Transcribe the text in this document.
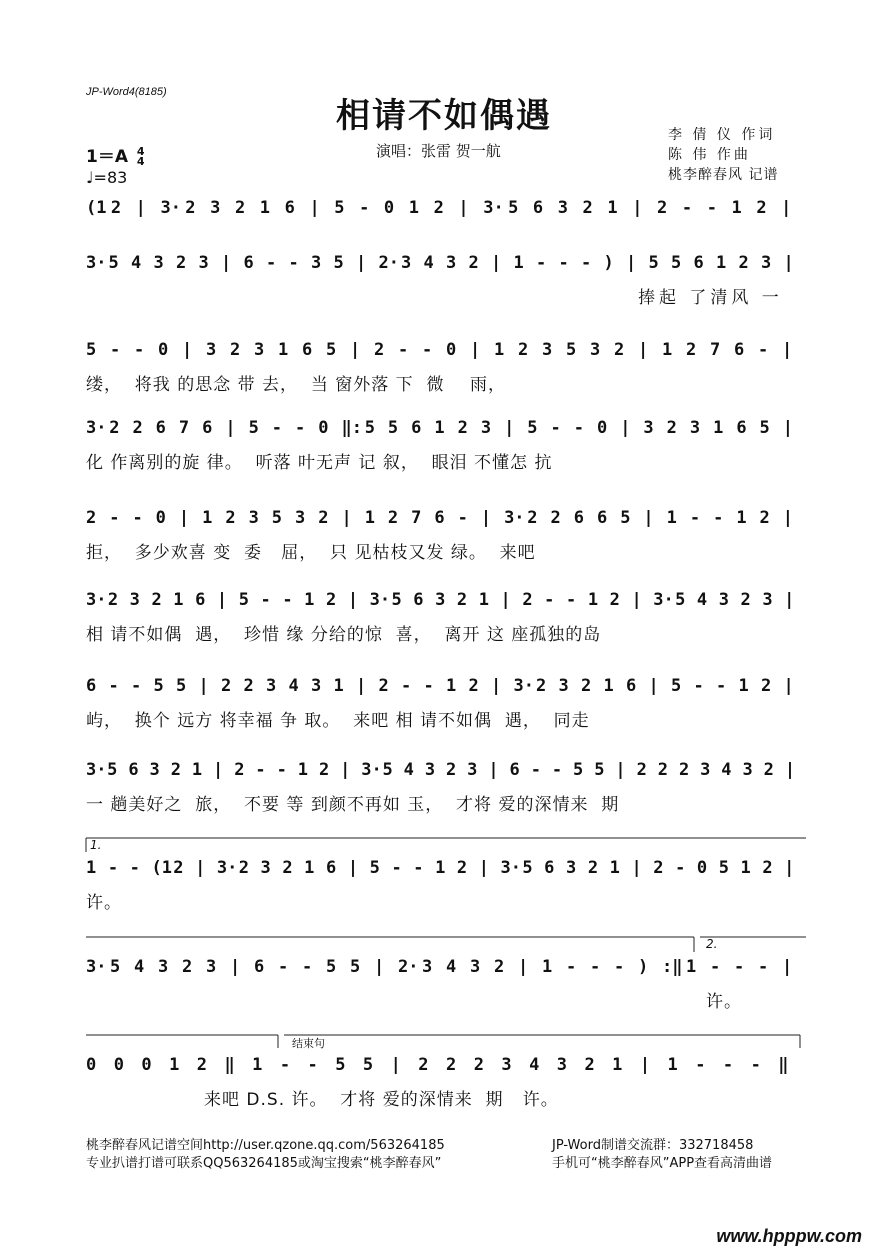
JP-Word4(8185)
相请不如偶遇
演唱：张雷 贺一航
李 倩 仪 作词
陈 伟 作曲
桃李醉春风 记谱
1＝A 4
4
♩=83
(1 2 | 3· 2 3 2 1 6 | 5 - 0 1 2 | 3· 5 6 3 2 1 | 2 - - 1 2 |
3· 5 4 3 2 3 | 6 - - 3 5 | 2· 3 4 3 2 | 1 - - - ) | 5 5 6 1 2 3 |
捧起 了清风 一
5 - - 0 | 3 2 3 1 6 5 | 2 - - 0 | 1 2 3 5 3 2 | 1 2 7 6 - |
缕，  将我 的思念 带 去，  当 窗外落 下  微    雨，
3· 2 2 6 7 6 | 5 - - 0 ‖: 5 5 6 1 2 3 | 5 - - 0 | 3 2 3 1 6 5 |
化 作离别的旋 律。  听落 叶无声 记 叙，  眼泪 不懂怎 抗
2 - - 0 | 1 2 3 5 3 2 | 1 2 7 6 - | 3· 2 2 6 6 5 | 1 - - 1 2 |
拒，  多少欢喜 变  委   屈，  只 见枯枝又发 绿。  来吧
3· 2 3 2 1 6 | 5 - - 1 2 | 3· 5 6 3 2 1 | 2 - - 1 2 | 3· 5 4 3 2 3 |
相 请不如偶  遇，  珍惜 缘 分给的惊  喜，  离开 这 座孤独的岛
6 - - 5 5 | 2 2 3 4 3 1 | 2 - - 1 2 | 3· 2 3 2 1 6 | 5 - - 1 2 |
屿，  换个 远方 将幸福 争 取。  来吧 相 请不如偶  遇，  同走
3· 5 6 3 2 1 | 2 - - 1 2 | 3· 5 4 3 2 3 | 6 - - 5 5 | 2 2 2 3 4 3 2 |
一 趟美好之  旅，  不要 等 到颜不再如 玉，  才将 爱的深情来  期
1 - - (1 2 | 3· 2 3 2 1 6 | 5 - - 1 2 | 3· 5 6 3 2 1 | 2 - 0 5 1 2 |
1.
许。
3· 5 4 3 2 3 | 6 - - 5 5 | 2· 3 4 3 2 | 1 - - - ) :‖ 1 - - - |
2.
许。
0 0 0 1 2 ‖ 1 - - 5 5 | 2 2 2 3 4 3 2 1 | 1 - - - ‖
结束句
来吧 D.S. 许。  才将 爱的深情来  期   许。
桃李醉春风记谱空间http://user.qzone.qq.com/563264185
专业扒谱打谱可联系QQ563264185或淘宝搜索“桃李醉春风”
JP-Word制谱交流群：332718458
手机可“桃李醉春风”APP查看高清曲谱
www.hpppw.com
